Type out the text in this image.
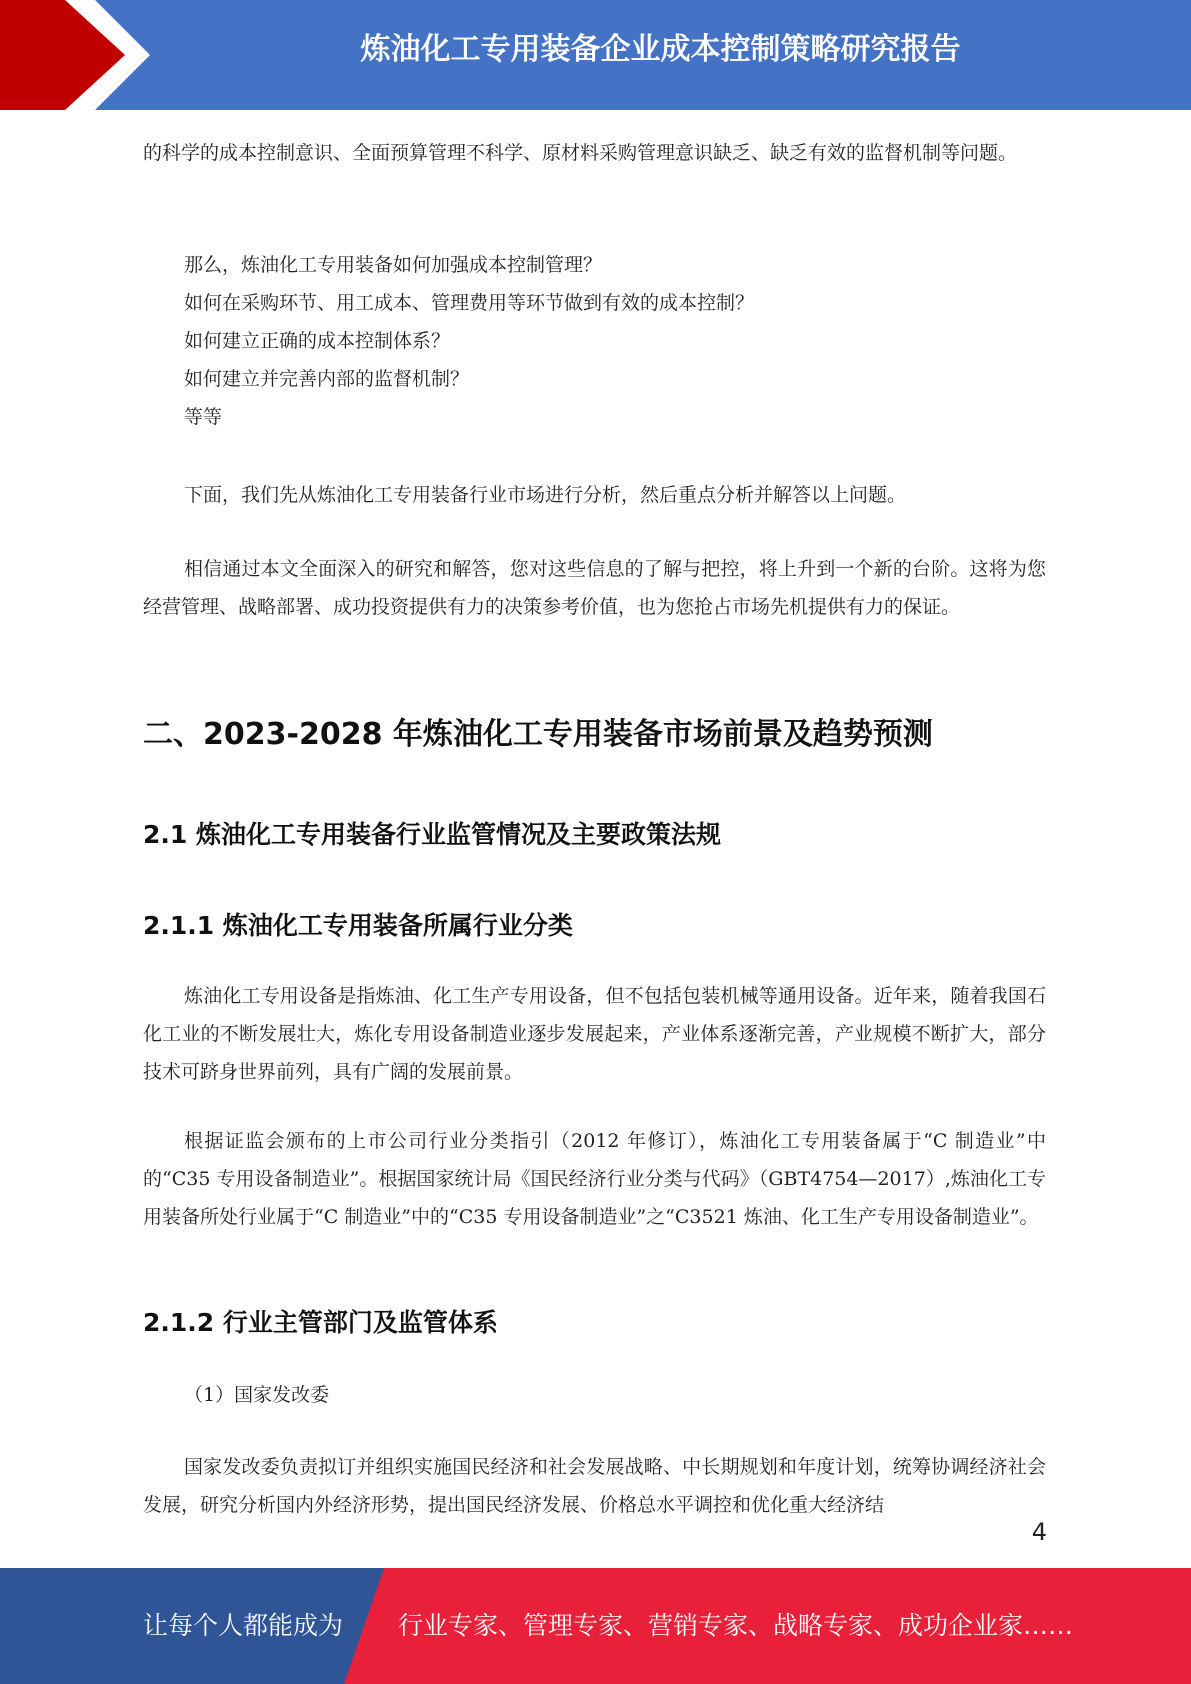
炼油化工专用装备企业成本控制策略研究报告
的科学的成本控制意识、全面预算管理不科学、原材料采购管理意识缺乏、缺乏有效的监督机制等问题。
那么，炼油化工专用装备如何加强成本控制管理？
如何在采购环节、用工成本、管理费用等环节做到有效的成本控制？
如何建立正确的成本控制体系？
如何建立并完善内部的监督机制？
等等
下面，我们先从炼油化工专用装备行业市场进行分析，然后重点分析并解答以上问题。
相信通过本文全面深入的研究和解答，您对这些信息的了解与把控，将上升到一个新的台阶。这将为您经营管理、战略部署、成功投资提供有力的决策参考价值，也为您抢占市场先机提供有力的保证。
二、2023-2028 年炼油化工专用装备市场前景及趋势预测
2.1 炼油化工专用装备行业监管情况及主要政策法规
2.1.1 炼油化工专用装备所属行业分类
炼油化工专用设备是指炼油、化工生产专用设备，但不包括包装机械等通用设备。近年来，随着我国石化工业的不断发展壮大，炼化专用设备制造业逐步发展起来，产业体系逐渐完善，产业规模不断扩大，部分技术可跻身世界前列，具有广阔的发展前景。
根据证监会颁布的上市公司行业分类指引（2012 年修订），炼油化工专用装备属于“C 制造业”中的“C35 专用设备制造业”。根据国家统计局《国民经济行业分类与代码》（GBT4754—2017）,炼油化工专用装备所处行业属于“C 制造业”中的“C35 专用设备制造业”之“C3521 炼油、化工生产专用设备制造业”。
2.1.2 行业主管部门及监管体系
（1）国家发改委
国家发改委负责拟订并组织实施国民经济和社会发展战略、中长期规划和年度计划，统筹协调经济社会发展，研究分析国内外经济形势，提出国民经济发展、价格总水平调控和优化重大经济结
4
让每个人都能成为 行业专家、管理专家、营销专家、战略专家、成功企业家……
